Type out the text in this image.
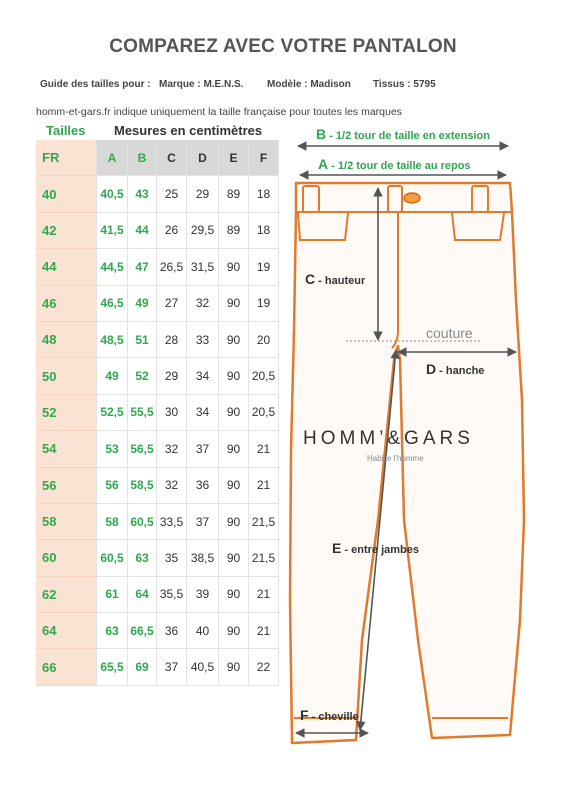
COMPAREZ AVEC VOTRE PANTALON
Guide des tailles pour : Marque : M.E.N.S. Modèle : Madison Tissus : 5795
homm-et-gars.fr indique uniquement la taille française pour toutes les marques
Tailles Mesures en centimètres
FR		A	B	C	D	E	F
40		40,5	43	25	29	89	18
42		41,5	44	26	29,5	89	18
44		44,5	47	26,5	31,5	90	19
46		46,5	49	27	32	90	19
48		48,5	51	28	33	90	20
50		49	52	29	34	90	20,5
52		52,5	55,5	30	34	90	20,5
54		53	56,5	32	37	90	21
56		56	58,5	32	36	90	21
58		58	60,5	33,5	37	90	21,5
60		60,5	63	35	38,5	90	21,5
62		61	64	35,5	39	90	21
64		63	66,5	36	40	90	21
66		65,5	69	37	40,5	90	22
B - 1/2 tour de taille en extension
A - 1/2 tour de taille au repos
C - hauteur
couture
D - hanche
HOMM’&GARS
Habille l'homme
E - entre jambes
F - cheville
